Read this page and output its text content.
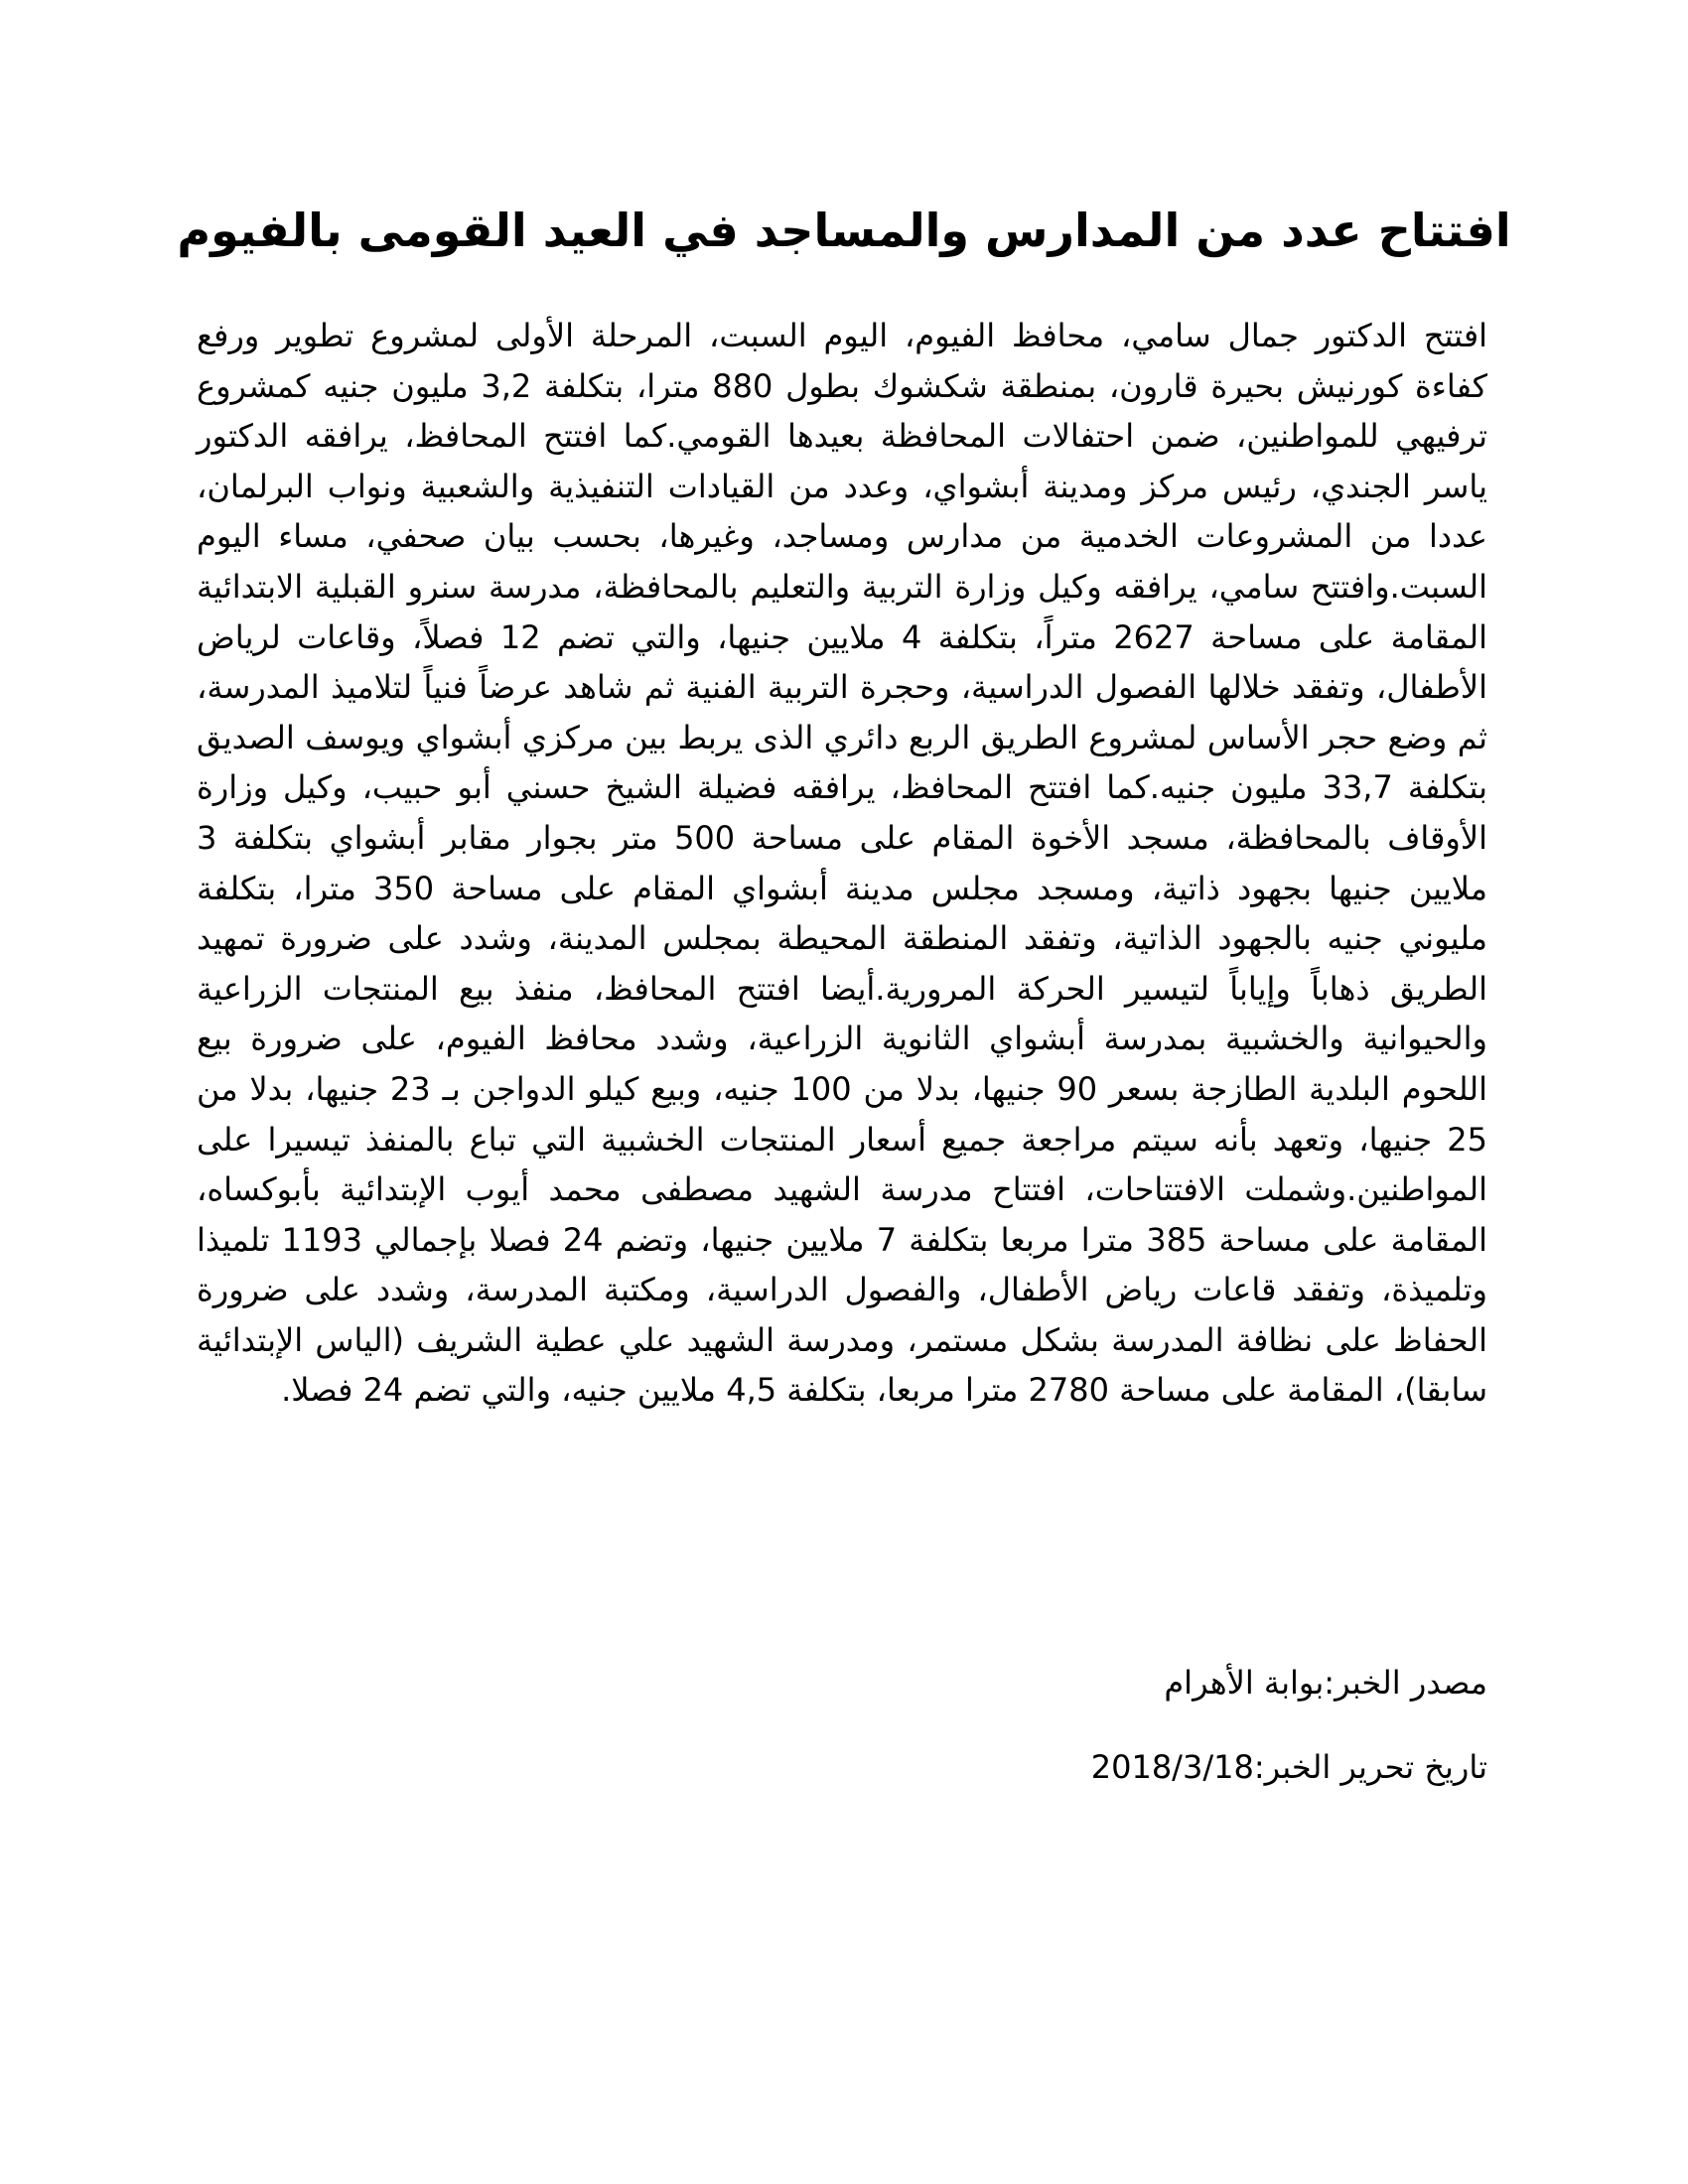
افتتاح عدد من المدارس والمساجد في العيد القومى بالفيوم
افتتح الدكتور جمال سامي، محافظ الفيوم، اليوم السبت، المرحلة الأولى لمشروع تطوير ورفع كفاءة كورنيش بحيرة قارون، بمنطقة شكشوك بطول 880 مترا، بتكلفة 3,2 مليون جنيه كمشروع ترفيهي للمواطنين، ضمن احتفالات المحافظة بعيدها القومي.كما افتتح المحافظ، يرافقه الدكتور ياسر الجندي، رئيس مركز ومدينة أبشواي، وعدد من القيادات التنفيذية والشعبية ونواب البرلمان، عددا من المشروعات الخدمية من مدارس ومساجد، وغيرها، بحسب بيان صحفي، مساء اليوم السبت.وافتتح سامي، يرافقه وكيل وزارة التربية والتعليم بالمحافظة، مدرسة سنرو القبلية الابتدائية المقامة على مساحة 2627 متراً، بتكلفة 4 ملايين جنيها، والتي تضم 12 فصلاً، وقاعات لرياض الأطفال، وتفقد خلالها الفصول الدراسية، وحجرة التربية الفنية ثم شاهد عرضاً فنياً لتلاميذ المدرسة، ثم وضع حجر الأساس لمشروع الطريق الربع دائري الذى يربط بين مركزي أبشواي ويوسف الصديق بتكلفة 33,7 مليون جنيه.كما افتتح المحافظ، يرافقه فضيلة الشيخ حسني أبو حبيب، وكيل وزارة الأوقاف بالمحافظة، مسجد الأخوة المقام على مساحة 500 متر بجوار مقابر أبشواي بتكلفة 3 ملايين جنيها بجهود ذاتية، ومسجد مجلس مدينة أبشواي المقام على مساحة 350 مترا، بتكلفة مليوني جنيه بالجهود الذاتية، وتفقد المنطقة المحيطة بمجلس المدينة، وشدد على ضرورة تمهيد الطريق ذهاباً وإياباً لتيسير الحركة المرورية.أيضا افتتح المحافظ، منفذ بيع المنتجات الزراعية والحيوانية والخشبية بمدرسة أبشواي الثانوية الزراعية، وشدد محافظ الفيوم، على ضرورة بيع اللحوم البلدية الطازجة بسعر 90 جنيها، بدلا من 100 جنيه، وبيع كيلو الدواجن بـ 23 جنيها، بدلا من 25 جنيها، وتعهد بأنه سيتم مراجعة جميع أسعار المنتجات الخشبية التي تباع بالمنفذ تيسيرا على المواطنين.وشملت الافتتاحات، افتتاح مدرسة الشهيد مصطفى محمد أيوب الإبتدائية بأبوكساه، المقامة على مساحة 385 مترا مربعا بتكلفة 7 ملايين جنيها، وتضم 24 فصلا بإجمالي 1193 تلميذا وتلميذة، وتفقد قاعات رياض الأطفال، والفصول الدراسية، ومكتبة المدرسة، وشدد على ضرورة الحفاظ على نظافة المدرسة بشكل مستمر، ومدرسة الشهيد علي عطية الشريف (الياس الإبتدائية سابقا)، المقامة على مساحة 2780 مترا مربعا، بتكلفة 4,5 ملايين جنيه، والتي تضم 24 فصلا.
مصدر الخبر:بوابة الأهرام
تاريخ تحرير الخبر:2018/3/18
